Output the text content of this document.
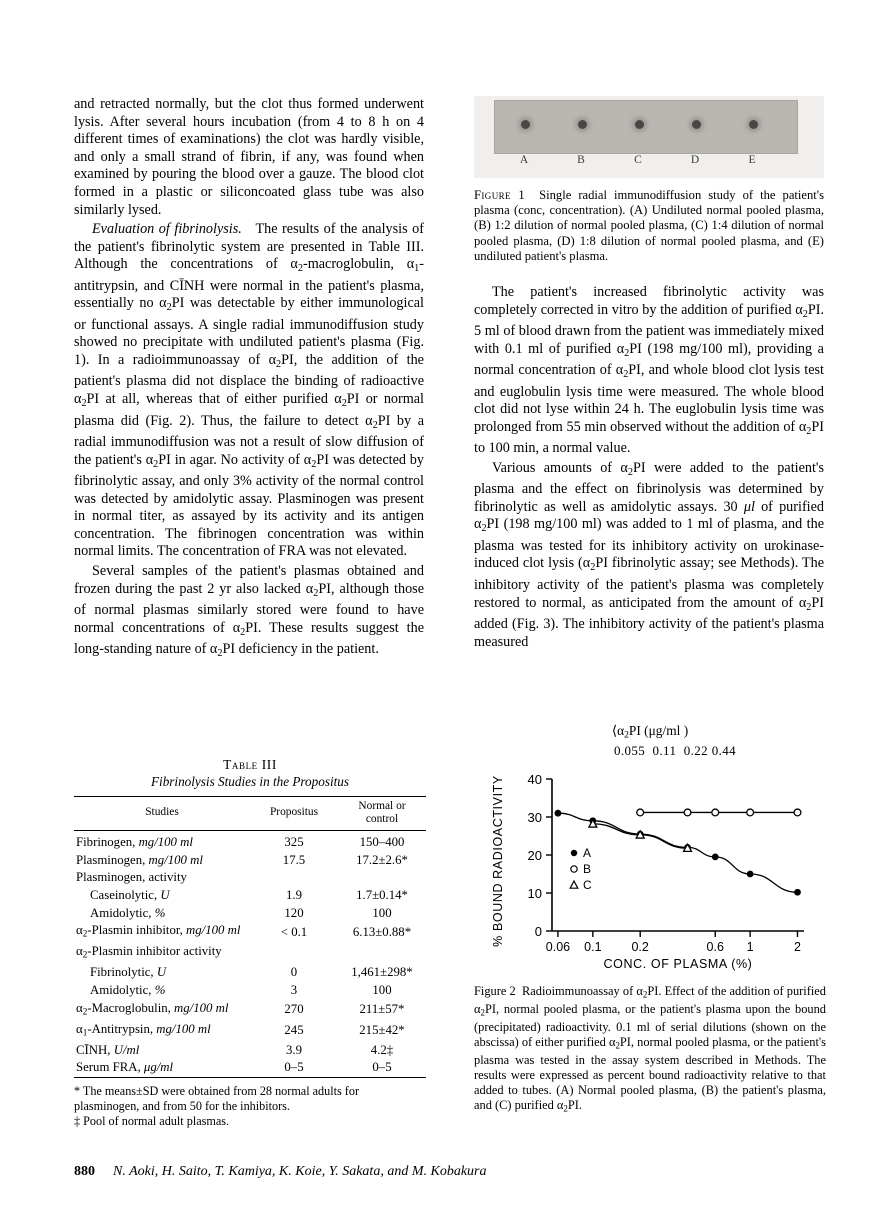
and retracted normally, but the clot thus formed underwent lysis. After several hours incubation (from 4 to 8 h on 4 different times of examinations) the clot was hardly visible, and only a small strand of fibrin, if any, was found when examined by pouring the blood over a gauze. The blood clot formed in a plastic or siliconcoated glass tube was also similarly lysed.

Evaluation of fibrinolysis.   The results of the analysis of the patient's fibrinolytic system are presented in Table III. Although the concentrations of $\alpha_2$-macroglobulin, $\alpha_1$-antitrypsin, and CĪNH were normal in the patient's plasma, essentially no $\alpha_2PI$ was detectable by either immunological or functional assays. A single radial immunodiffusion study showed no precipitate with undiluted patient's plasma (Fig. 1). In a radioimmunoassay of $\alpha_2PI$, the addition of the patient's plasma did not displace the binding of radioactive $\alpha_2PI$ at all, whereas that of either purified $\alpha_2PI$ or normal plasma did (Fig. 2). Thus, the failure to detect $\alpha_2PI$ by a radial immunodiffusion was not a result of slow diffusion of the patient's $\alpha_2PI$ in agar. No activity of $\alpha_2PI$ was detected by fibrinolytic assay, and only 3% activity of the normal control was detected by amidolytic assay. Plasminogen was present in normal titer, as assayed by its activity and its antigen concentration. The fibrinogen concentration was within normal limits. The concentration of FRA was not elevated.

Several samples of the patient's plasmas obtained and frozen during the past 2 yr also lacked $\alpha_2PI$, although those of normal plasmas similarly stored were found to have normal concentrations of $\alpha_2PI$. These results suggest the long-standing nature of $\alpha_2PI$ deficiency in the patient.

Table III
Fibrinolysis Studies in the Propositus
Studies	Propositus	Normal or
control

Fibrinogen, mg/100 ml	325	150–400
Plasminogen, mg/100 ml	17.5	17.2±2.6*
Plasminogen, activity		
Caseinolytic, U	1.9	1.7±0.14*
Amidolytic, %	120	100
$\alpha_2$-Plasmin inhibitor, mg/100 ml	< 0.1	6.13±0.88*
$\alpha_2$-Plasmin inhibitor activity		
Fibrinolytic, U	0	1,461±298*
Amidolytic, %	3	100
$\alpha_2$-Macroglobulin, mg/100 ml	270	211±57*
$\alpha_1$-Antitrypsin, mg/100 ml	245	215±42*
CĪNH, U/ml	3.9	4.2‡
Serum FRA, μg/ml	0–5	0–5
* The means±SD were obtained from 28 normal adults for plasminogen, and from 50 for the inhibitors.
‡ Pool of normal adult plasmas.
A	B	C	D	E

Figure 1  Single radial immunodiffusion study of the patient's plasma (conc, concentration). (A) Undiluted normal pooled plasma, (B) 1:2 dilution of normal pooled plasma, (C) 1:4 dilution of normal pooled plasma, (D) 1:8 dilution of normal pooled plasma, and (E) undiluted patient's plasma.

The patient's increased fibrinolytic activity was completely corrected in vitro by the addition of purified $\alpha_2PI$. 5 ml of blood drawn from the patient was immediately mixed with 0.1 ml of purified $\alpha_2PI$ (198 mg/100 ml), providing a normal concentration of $\alpha_2PI$, and whole blood clot lysis test and euglobulin lysis time were measured. The whole blood clot did not lyse within 24 h. The euglobulin lysis time was prolonged from 55 min observed without the addition of $\alpha_2PI$ to 100 min, a normal value.

Various amounts of $\alpha_2PI$ were added to the patient's plasma and the effect on fibrinolysis was determined by fibrinolytic as well as amidolytic assays. 30 μl of purified $\alpha_2PI$ (198 mg/100 ml) was added to 1 ml of plasma, and the plasma was tested for its inhibitory activity on urokinase-induced clot lysis ($\alpha_2PI$ fibrinolytic assay; see Methods). The inhibitory activity of the patient's plasma was completely restored to normal, as anticipated from the amount of $\alpha_2PI$ added (Fig. 3). The inhibitory activity of the patient's plasma measured

$⟨\alpha_2PI$ (μg/ml )
0.055 0.11 0.22 0.44
0
10
20
30
40
0.06 0.1 0.2	0.6 1	2
A
B
C
% BOUND RADIOACTIVITY
CONC. OF PLASMA (%)

Figure 2  Radioimmunoassay of $\alpha_2PI$. Effect of the addition of purified $\alpha_2PI$, normal pooled plasma, or the patient's plasma upon the bound (precipitated) radioactivity. 0.1 ml of serial dilutions (shown on the abscissa) of either purified $\alpha_2PI$, normal pooled plasma, or the patient's plasma was tested in the assay system described in Methods. The results were expressed as percent bound radioactivity relative to that added to tubes. (A) Normal pooled plasma, (B) the patient's plasma, and (C) purified $\alpha_2PI$.

880 N. Aoki, H. Saito, T. Kamiya, K. Koie, Y. Sakata, and M. Kobakura
